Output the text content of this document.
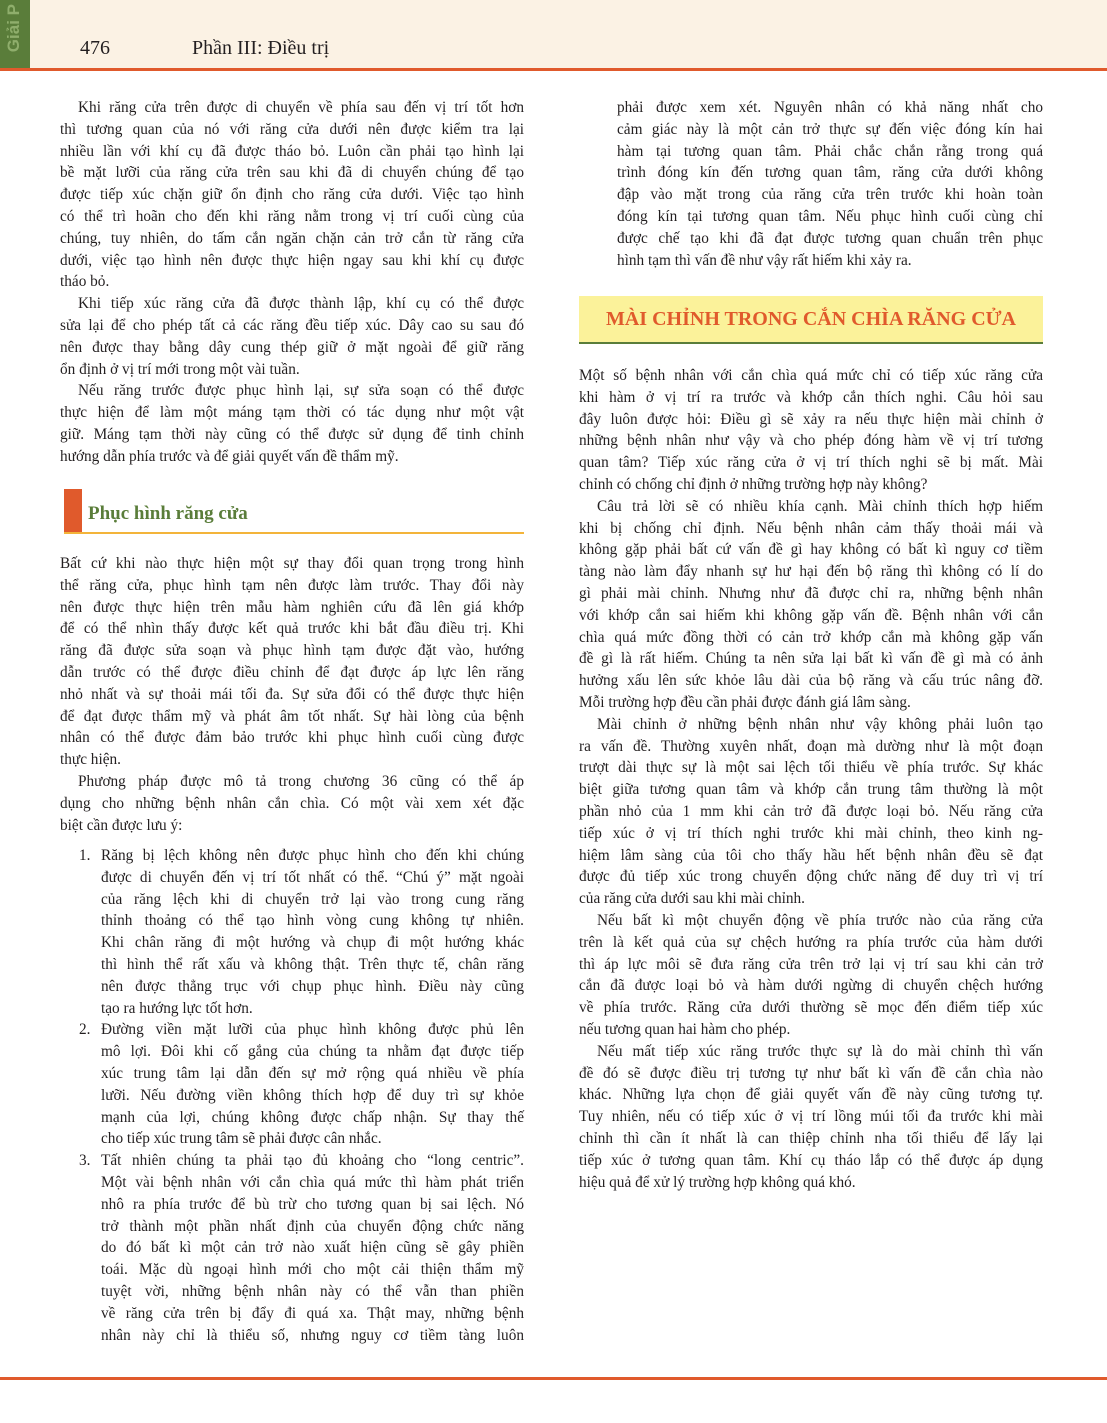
Giải P	476	Phần III: Điều trị
Khi răng cửa trên được di chuyển về phía sau đến vị trí tốt hơn
thì tương quan của nó với răng cửa dưới nên được kiểm tra lại
nhiều lần với khí cụ đã được tháo bỏ. Luôn cần phải tạo hình lại
bề mặt lưỡi của răng cửa trên sau khi đã di chuyển chúng để tạo
được tiếp xúc chặn giữ ổn định cho răng cửa dưới. Việc tạo hình
có thể trì hoãn cho đến khi răng nằm trong vị trí cuối cùng của
chúng, tuy nhiên, do tấm cắn ngăn chặn cản trở cắn từ răng cửa
dưới, việc tạo hình nên được thực hiện ngay sau khi khí cụ được
tháo bỏ.
Khi tiếp xúc răng cửa đã được thành lập, khí cụ có thể được
sửa lại để cho phép tất cả các răng đều tiếp xúc. Dây cao su sau đó
nên được thay bằng dây cung thép giữ ở mặt ngoài để giữ răng
ổn định ở vị trí mới trong một vài tuần.
Nếu răng trước được phục hình lại, sự sửa soạn có thể được
thực hiện để làm một máng tạm thời có tác dụng như một vật
giữ. Máng tạm thời này cũng có thể được sử dụng để tinh chỉnh
hướng dẫn phía trước và để giải quyết vấn đề thẩm mỹ.
Phục hình răng cửa
Bất cứ khi nào thực hiện một sự thay đổi quan trọng trong hình
thể răng cửa, phục hình tạm nên được làm trước. Thay đổi này
nên được thực hiện trên mẫu hàm nghiên cứu đã lên giá khớp
để có thể nhìn thấy được kết quả trước khi bắt đầu điều trị. Khi
răng đã được sửa soạn và phục hình tạm được đặt vào, hướng
dẫn trước có thể được điều chỉnh để đạt được áp lực lên răng
nhỏ nhất và sự thoải mái tối đa. Sự sửa đổi có thể được thực hiện
để đạt được thẩm mỹ và phát âm tốt nhất. Sự hài lòng của bệnh
nhân có thể được đảm bảo trước khi phục hình cuối cùng được
thực hiện.
Phương pháp được mô tả trong chương 36 cũng có thể áp
dụng cho những bệnh nhân cắn chìa. Có một vài xem xét đặc
biệt cần được lưu ý:
1. Răng bị lệch không nên được phục hình cho đến khi chúng
được di chuyển đến vị trí tốt nhất có thể. “Chú ý” mặt ngoài
của răng lệch khi di chuyển trở lại vào trong cung răng
thỉnh thoảng có thể tạo hình vòng cung không tự nhiên.
Khi chân răng đi một hướng và chụp đi một hướng khác
thì hình thể rất xấu và không thật. Trên thực tế, chân răng
nên được thẳng trục với chụp phục hình. Điều này cũng
tạo ra hướng lực tốt hơn.
2. Đường viền mặt lưỡi của phục hình không được phủ lên
mô lợi. Đôi khi cố gắng của chúng ta nhằm đạt được tiếp
xúc trung tâm lại dẫn đến sự mở rộng quá nhiều về phía
lưỡi. Nếu đường viền không thích hợp để duy trì sự khỏe
mạnh của lợi, chúng không được chấp nhận. Sự thay thế
cho tiếp xúc trung tâm sẽ phải được cân nhắc.
3. Tất nhiên chúng ta phải tạo đủ khoảng cho “long centric”.
Một vài bệnh nhân với cắn chìa quá mức thì hàm phát triển
nhô ra phía trước để bù trừ cho tương quan bị sai lệch. Nó
trở thành một phần nhất định của chuyển động chức năng
do đó bất kì một cản trở nào xuất hiện cũng sẽ gây phiền
toái. Mặc dù ngoại hình mới cho một cải thiện thẩm mỹ
tuyệt vời, những bệnh nhân này có thể vẫn than phiền
về răng cửa trên bị đẩy đi quá xa. Thật may, những bệnh
nhân này chỉ là thiểu số, nhưng nguy cơ tiềm tàng luôn
phải được xem xét. Nguyên nhân có khả năng nhất cho
cảm giác này là một cản trở thực sự đến việc đóng kín hai
hàm tại tương quan tâm. Phải chắc chắn rằng trong quá
trình đóng kín đến tương quan tâm, răng cửa dưới không
đập vào mặt trong của răng cửa trên trước khi hoàn toàn
đóng kín tại tương quan tâm. Nếu phục hình cuối cùng chỉ
được chế tạo khi đã đạt được tương quan chuẩn trên phục
hình tạm thì vấn đề như vậy rất hiếm khi xảy ra.
MÀI CHỈNH TRONG CẮN CHÌA RĂNG CỬA
Một số bệnh nhân với cắn chìa quá mức chỉ có tiếp xúc răng cửa
khi hàm ở vị trí ra trước và khớp cắn thích nghi. Câu hỏi sau
đây luôn được hỏi: Điều gì sẽ xảy ra nếu thực hiện mài chỉnh ở
những bệnh nhân như vậy và cho phép đóng hàm về vị trí tương
quan tâm? Tiếp xúc răng cửa ở vị trí thích nghi sẽ bị mất. Mài
chỉnh có chống chỉ định ở những trường hợp này không?
Câu trả lời sẽ có nhiều khía cạnh. Mài chỉnh thích hợp hiếm
khi bị chống chỉ định. Nếu bệnh nhân cảm thấy thoải mái và
không gặp phải bất cứ vấn đề gì hay không có bất kì nguy cơ tiềm
tàng nào làm đẩy nhanh sự hư hại đến bộ răng thì không có lí do
gì phải mài chỉnh. Nhưng như đã được chỉ ra, những bệnh nhân
với khớp cắn sai hiếm khi không gặp vấn đề. Bệnh nhân với cắn
chìa quá mức đồng thời có cản trở khớp cắn mà không gặp vấn
đề gì là rất hiếm. Chúng ta nên sửa lại bất kì vấn đề gì mà có ảnh
hưởng xấu lên sức khỏe lâu dài của bộ răng và cấu trúc nâng đỡ.
Mỗi trường hợp đều cần phải được đánh giá lâm sàng.
Mài chỉnh ở những bệnh nhân như vậy không phải luôn tạo
ra vấn đề. Thường xuyên nhất, đoạn mà dường như là một đoạn
trượt dài thực sự là một sai lệch tối thiểu về phía trước. Sự khác
biệt giữa tương quan tâm và khớp cắn trung tâm thường là một
phần nhỏ của 1 mm khi cản trở đã được loại bỏ. Nếu răng cửa
tiếp xúc ở vị trí thích nghi trước khi mài chỉnh, theo kinh ng-
hiệm lâm sàng của tôi cho thấy hầu hết bệnh nhân đều sẽ đạt
được đủ tiếp xúc trong chuyển động chức năng để duy trì vị trí
của răng cửa dưới sau khi mài chỉnh.
Nếu bất kì một chuyển động về phía trước nào của răng cửa
trên là kết quả của sự chệch hướng ra phía trước của hàm dưới
thì áp lực môi sẽ đưa răng cửa trên trở lại vị trí sau khi cản trở
cắn đã được loại bỏ và hàm dưới ngừng di chuyển chệch hướng
về phía trước. Răng cửa dưới thường sẽ mọc đến điểm tiếp xúc
nếu tương quan hai hàm cho phép.
Nếu mất tiếp xúc răng trước thực sự là do mài chỉnh thì vấn
đề đó sẽ được điều trị tương tự như bất kì vấn đề cắn chìa nào
khác. Những lựa chọn để giải quyết vấn đề này cũng tương tự.
Tuy nhiên, nếu có tiếp xúc ở vị trí lồng múi tối đa trước khi mài
chỉnh thì cần ít nhất là can thiệp chỉnh nha tối thiểu để lấy lại
tiếp xúc ở tương quan tâm. Khí cụ tháo lắp có thể được áp dụng
hiệu quả để xử lý trường hợp không quá khó.
